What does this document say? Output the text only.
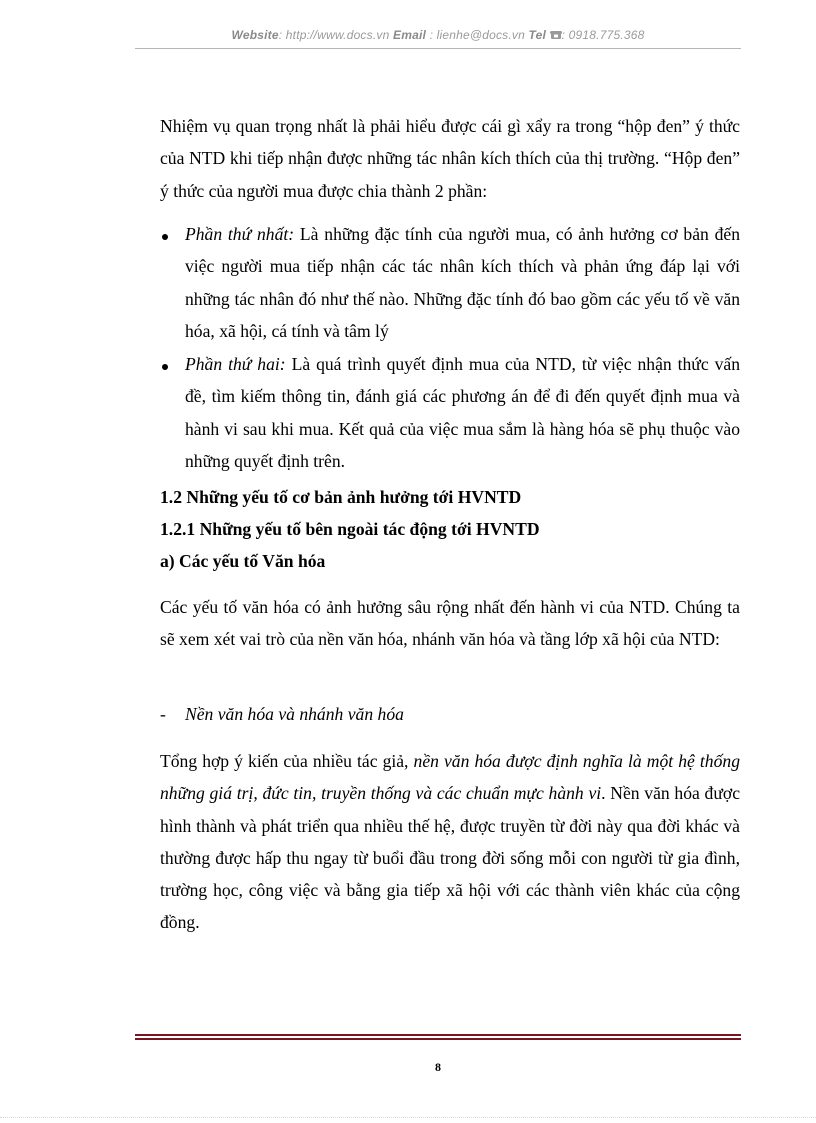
Website: http://www.docs.vn Email : lienhe@docs.vn Tel : 0918.775.368

Nhiệm vụ quan trọng nhất là phải hiểu được cái gì xẩy ra trong “hộp đen” ý thức của NTD khi tiếp nhận được những tác nhân kích thích của thị trường. “Hộp đen” ý thức của người mua được chia thành 2 phần:

Phần thứ nhất: Là những đặc tính của người mua, có ảnh hưởng cơ bản đến việc người mua tiếp nhận các tác nhân kích thích và phản ứng đáp lại với những tác nhân đó như thế nào. Những đặc tính đó bao gồm các yếu tố về văn hóa, xã hội, cá tính và tâm lý

Phần thứ hai: Là quá trình quyết định mua của NTD, từ việc nhận thức vấn đề, tìm kiếm thông tin, đánh giá các phương án để đi đến quyết định mua và hành vi sau khi mua. Kết quả của việc mua sắm là hàng hóa sẽ phụ thuộc vào những quyết định trên.

1.2 Những yếu tố cơ bản ảnh hưởng tới HVNTD

1.2.1 Những yếu tố bên ngoài tác động tới HVNTD

a) Các yếu tố Văn hóa

Các yếu tố văn hóa có ảnh hưởng sâu rộng nhất đến hành vi của NTD. Chúng ta sẽ xem xét vai trò của nền văn hóa, nhánh văn hóa và tầng lớp xã hội của NTD:

- Nền văn hóa và nhánh văn hóa

Tổng hợp ý kiến của nhiều tác giả, nền văn hóa được định nghĩa là một hệ thống những giá trị, đức tin, truyền thống và các chuẩn mực hành vi. Nền văn hóa được hình thành và phát triển qua nhiều thế hệ, được truyền từ đời này qua đời khác và thường được hấp thu ngay từ buổi đầu trong đời sống mỗi con người từ gia đình, trường học, công việc và bằng gia tiếp xã hội với các thành viên khác của cộng đồng.

8
